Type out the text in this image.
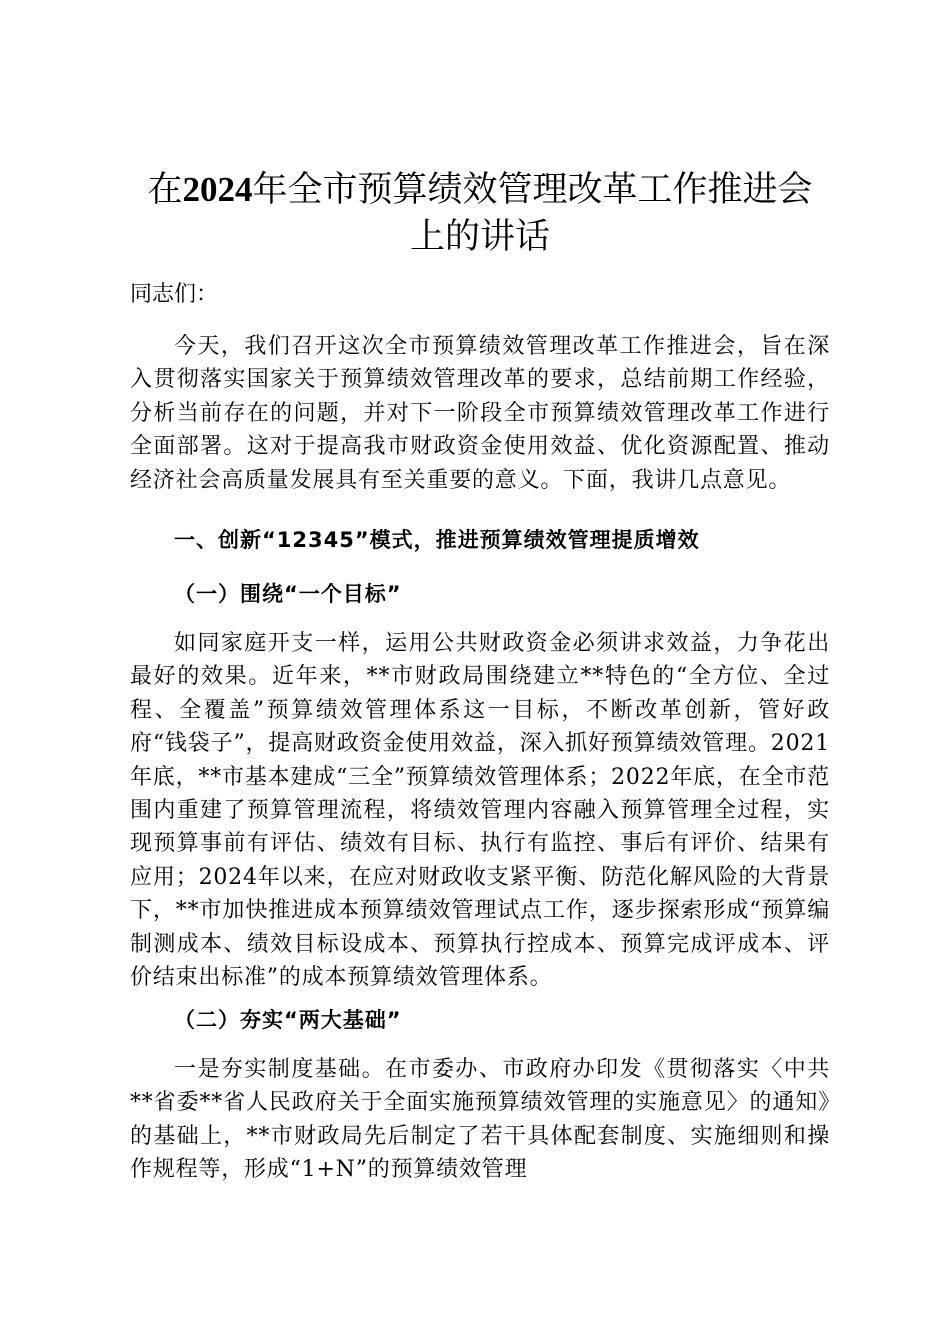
在2024年全市预算绩效管理改革工作推进会
上的讲话

同志们：

今天，我们召开这次全市预算绩效管理改革工作推进会，旨在深入贯彻落实国家关于预算绩效管理改革的要求，总结前期工作经验，分析当前存在的问题，并对下一阶段全市预算绩效管理改革工作进行全面部署。这对于提高我市财政资金使用效益、优化资源配置、推动经济社会高质量发展具有至关重要的意义。下面，我讲几点意见。

一、创新“12345”模式，推进预算绩效管理提质增效

（一）围绕“一个目标”

如同家庭开支一样，运用公共财政资金必须讲求效益，力争花出最好的效果。近年来，**市财政局围绕建立**特色的“全方位、全过程、全覆盖”预算绩效管理体系这一目标，不断改革创新，管好政府“钱袋子”，提高财政资金使用效益，深入抓好预算绩效管理。2021年底，**市基本建成“三全”预算绩效管理体系；2022年底，在全市范围内重建了预算管理流程，将绩效管理内容融入预算管理全过程，实现预算事前有评估、绩效有目标、执行有监控、事后有评价、结果有应用；2024年以来，在应对财政收支紧平衡、防范化解风险的大背景下，**市加快推进成本预算绩效管理试点工作，逐步探索形成“预算编制测成本、绩效目标设成本、预算执行控成本、预算完成评成本、评价结束出标准”的成本预算绩效管理体系。

（二）夯实“两大基础”

一是夯实制度基础。在市委办、市政府办印发《贯彻落实〈中共**省委**省人民政府关于全面实施预算绩效管理的实施意见〉的通知》的基础上，**市财政局先后制定了若干具体配套制度、实施细则和操作规程等，形成“1+N”的预算绩效管理
